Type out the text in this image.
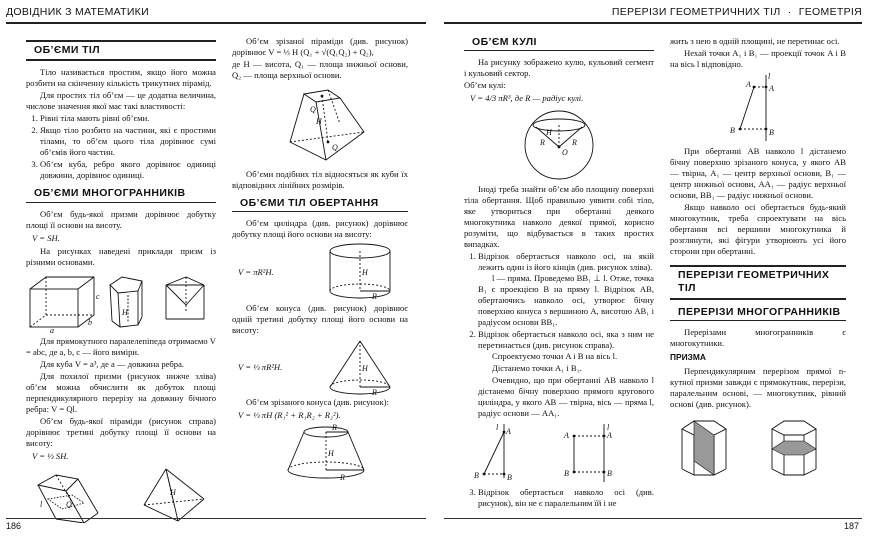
ДОВІДНИК З МАТЕМАТИКИ
ОБ’ЄМИ ТІЛ

Тіло називається простим, якщо його можна розбити на скінченну кількість трикутних пірамід.

Для простих тіл об’єм — це додатна величина, числове значення якої має такі властивості:

1. Рівні тіла мають рівні об’єми.
2. Якщо тіло розбито на частини, які є простими тілами, то об’єм цього тіла дорівнює сумі об’ємів його частин.
3. Об’єм куба, ребро якого дорівнює одиниці довжини, дорівнює одиниці.
ОБ’ЄМИ МНОГОГРАННИКІВ

Об’єм будь-якої призми дорівнює добутку площі її основи на висоту.

V = SH.

На рисунках наведені приклади призм із різними основами.

a
b
c
H

Для прямокутного паралелепіпеда отримаємо V = abc, де a, b, c — його виміри.

Для куба V = a³, де a — довжина ребра.

Для похилої призми (рисунок нижче зліва) об’єм можна обчислити як добуток площі перпендикулярного перерізу на довжину бічного ребра: V = Ql.

Об’єм будь-якої піраміди (рисунок справа) дорівнює третині добутку площі її основи на висоту:

V = ⅓ SH.

l	Q
H

Об’єм зрізаної піраміди (див. рисунок) дорівнює V = ⅓ H (Q₁ + √(Q₁Q₂) + Q₂),

де H — висота, Q₁ — площа нижньої основи, Q₂ — площа верхньої основи.

Q
H
Q

Об’єми подібних тіл відносяться як куби їх відповідних лінійних розмірів.

ОБ’ЄМИ ТІЛ ОБЕРТАННЯ

Об’єм циліндра (див. рисунок) дорівнює добутку площі його основи на висоту:

V = πR²H.	H
R

Об’єм конуса (див. рисунок) дорівнює одній третині добутку площі його основи на висоту:

V = ⅓ πR²H.	H
R

Об’єм зрізаного конуса (див. рисунок):

V = ⅓ πH (R₁² + R₁R₂ + R₂²).

R
H
R
186
ПЕРЕРІЗИ ГЕОМЕТРИЧНИХ ТІЛ · ГЕОМЕТРІЯ
ОБ’ЄМ КУЛІ

На рисунку зображено кулю, кульовий сегмент і кульовий сектор.

Об’єм кулі:

V = 4/3 πR³, де R — радіус кулі.

H
O
R	R

Іноді треба знайти об’єм або площину поверхні тіла обертання. Щоб правильно уявити собі тіло, яке утвориться при обертанні деякого многокутника навколо деякої прямої, корисно розуміти, що відбувається в таких простих випадках.

1. Відрізок обертається навколо осі, на якій лежить один із його кінців (див. рисунок зліва).

l — пряма. Проведемо BB₁ ⊥ l. Отже, точка B₁ є проекцією B на пряму l. Відрізок AB, обертаючись навколо осі, утворює бічну поверхню конуса з вершиною A, висотою AB₁ і радіусом основи BB₁.

2. Відрізок обертається навколо осі, яка з ним не перетинається (див. рисунок справа).

Спроектуємо точки A і B на вісь l.

Дістанемо точки A₁ і B₁.

Очевидно, що при обертанні AB навколо l дістанемо бічну поверхню прямого кругового циліндра, у якого AB — твірна, вісь — пряма l, радіус основи — AA₁.

l A
B	B
A
B
A
B
l
3. Відрізок обертається навколо осі (див. рисунок), він не є паралельним їй і не

жить з нею в одній площині, не перетинає осі.

Нехай точки A₁ і B₁ — проекції точок A і B на вісь l відповідно.

l
A A
B	B

При обертанні AB навколо l дістанемо бічну поверхню зрізаного конуса, у якого AB — твірна, A₁ — центр верхньої основи, B₁ — центр нижньої основи, AA₁ — радіус верхньої основи, BB₁ — радіус нижньої основи.

Якщо навколо осі обертається будь-який многокутник, треба спроектувати на вісь обертання всі вершини многокутника й розглянути, які фігури утворюють усі його сторони при обертанні.

ПЕРЕРІЗИ ГЕОМЕТРИЧНИХ ТІЛ
ПЕРЕРІЗИ МНОГОГРАННИКІВ

Перерізами многогранників є многокутники.

ПРИЗМА

Перпендикулярним перерізом прямої n-кутної призми завжди є прямокутник, перерізи, паралельним основі, — многокутник, рівний основі (див. рисунок).

187
